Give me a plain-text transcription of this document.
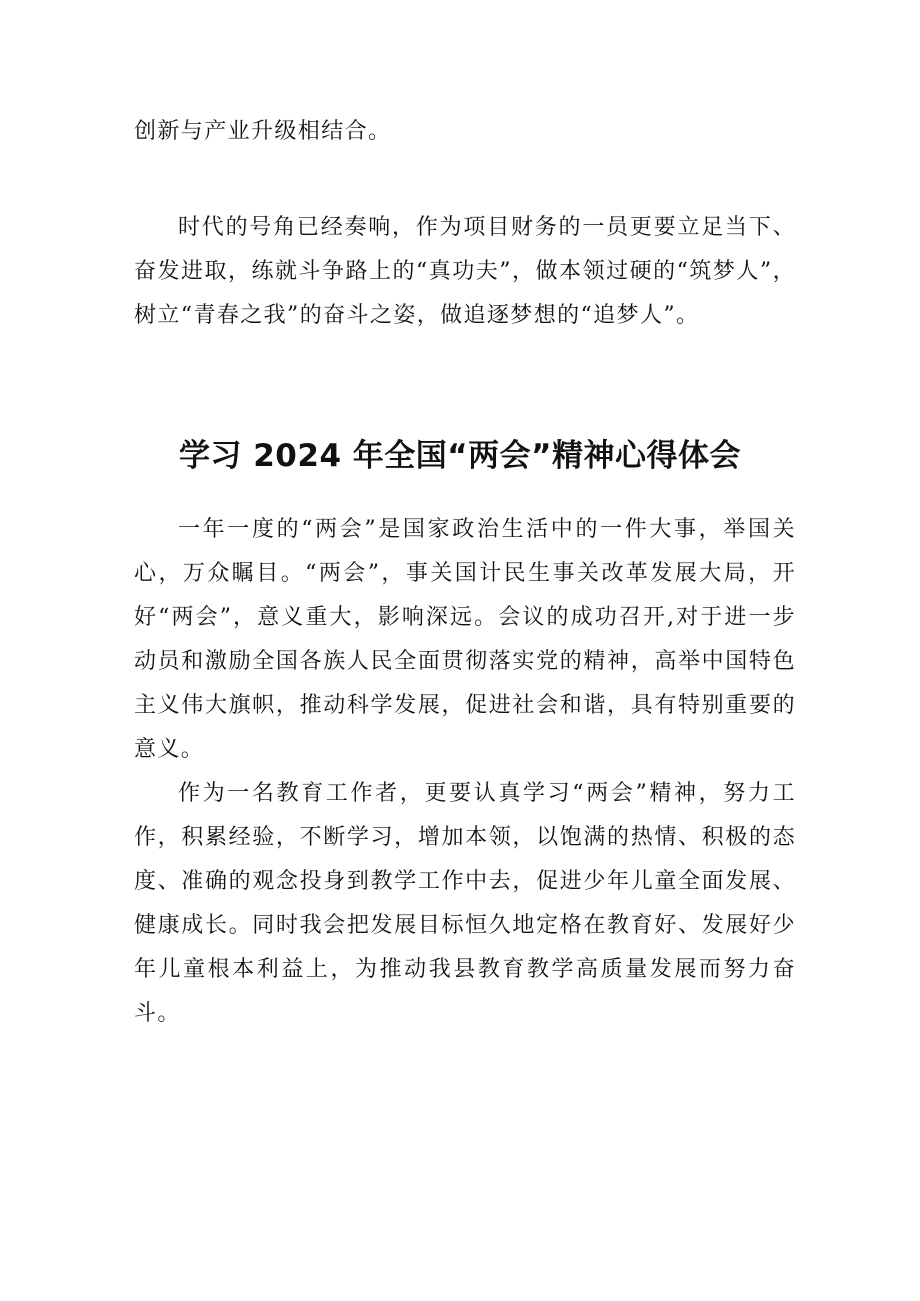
创新与产业升级相结合。

时代的号角已经奏响，作为项目财务的一员更要立足当下、奋发进取，练就斗争路上的“真功夫”，做本领过硬的“筑梦人”，树立“青春之我”的奋斗之姿，做追逐梦想的“追梦人”。

学习 2024 年全国“两会”精神心得体会

一年一度的“两会”是国家政治生活中的一件大事，举国关心，万众瞩目。“两会”，事关国计民生事关改革发展大局，开好“两会”，意义重大，影响深远。会议的成功召开,对于进一步动员和激励全国各族人民全面贯彻落实党的精神，高举中国特色主义伟大旗帜，推动科学发展，促进社会和谐，具有特别重要的意义。

作为一名教育工作者，更要认真学习“两会”精神，努力工作，积累经验，不断学习，增加本领，以饱满的热情、积极的态度、准确的观念投身到教学工作中去，促进少年儿童全面发展、健康成长。同时我会把发展目标恒久地定格在教育好、发展好少年儿童根本利益上，为推动我县教育教学高质量发展而努力奋斗。
